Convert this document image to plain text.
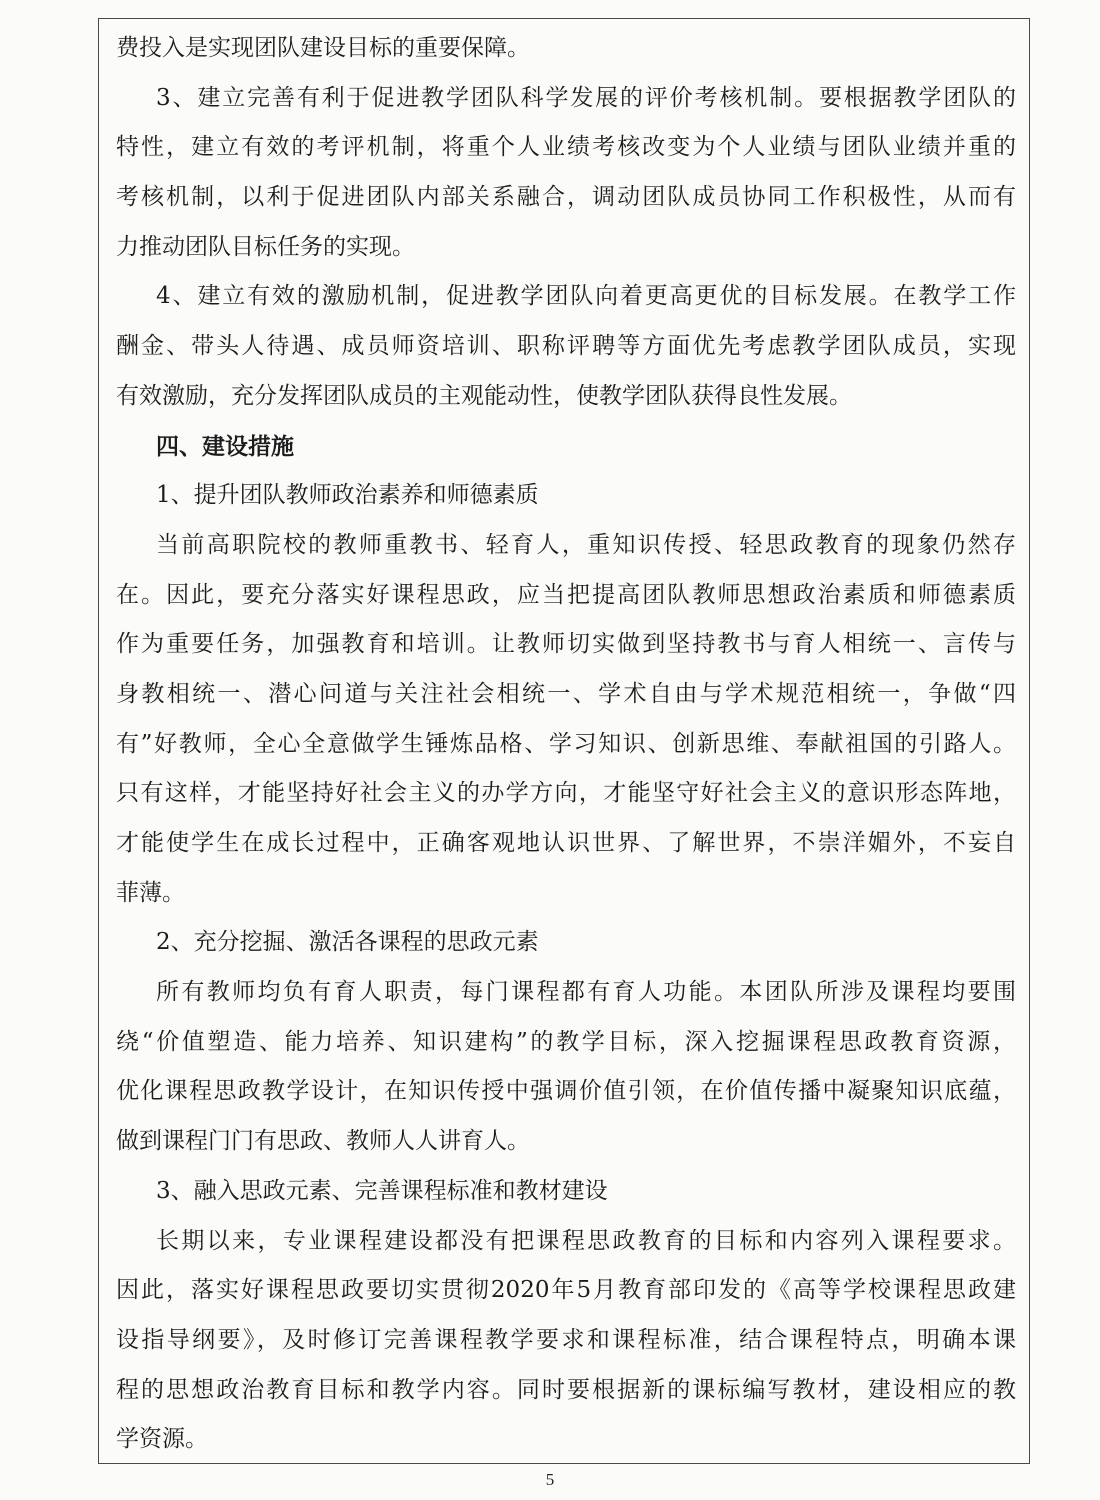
费投入是实现团队建设目标的重要保障。
3、建立完善有利于促进教学团队科学发展的评价考核机制。要根据教学团队的
特性，建立有效的考评机制，将重个人业绩考核改变为个人业绩与团队业绩并重的
考核机制，以利于促进团队内部关系融合，调动团队成员协同工作积极性，从而有
力推动团队目标任务的实现。
4、建立有效的激励机制，促进教学团队向着更高更优的目标发展。在教学工作
酬金、带头人待遇、成员师资培训、职称评聘等方面优先考虑教学团队成员，实现
有效激励，充分发挥团队成员的主观能动性，使教学团队获得良性发展。
四、建设措施
1、提升团队教师政治素养和师德素质
当前高职院校的教师重教书、轻育人，重知识传授、轻思政教育的现象仍然存
在。因此，要充分落实好课程思政，应当把提高团队教师思想政治素质和师德素质
作为重要任务，加强教育和培训。让教师切实做到坚持教书与育人相统一、言传与
身教相统一、潜心问道与关注社会相统一、学术自由与学术规范相统一，争做“四
有”好教师，全心全意做学生锤炼品格、学习知识、创新思维、奉献祖国的引路人。
只有这样，才能坚持好社会主义的办学方向，才能坚守好社会主义的意识形态阵地，
才能使学生在成长过程中，正确客观地认识世界、了解世界，不崇洋媚外，不妄自
菲薄。
2、充分挖掘、激活各课程的思政元素
所有教师均负有育人职责，每门课程都有育人功能。本团队所涉及课程均要围
绕“价值塑造、能力培养、知识建构”的教学目标，深入挖掘课程思政教育资源，
优化课程思政教学设计，在知识传授中强调价值引领，在价值传播中凝聚知识底蕴，
做到课程门门有思政、教师人人讲育人。
3、融入思政元素、完善课程标准和教材建设
长期以来，专业课程建设都没有把课程思政教育的目标和内容列入课程要求。
因此，落实好课程思政要切实贯彻2020年5月教育部印发的《高等学校课程思政建
设指导纲要》，及时修订完善课程教学要求和课程标准，结合课程特点，明确本课
程的思想政治教育目标和教学内容。同时要根据新的课标编写教材，建设相应的教
学资源。
5
